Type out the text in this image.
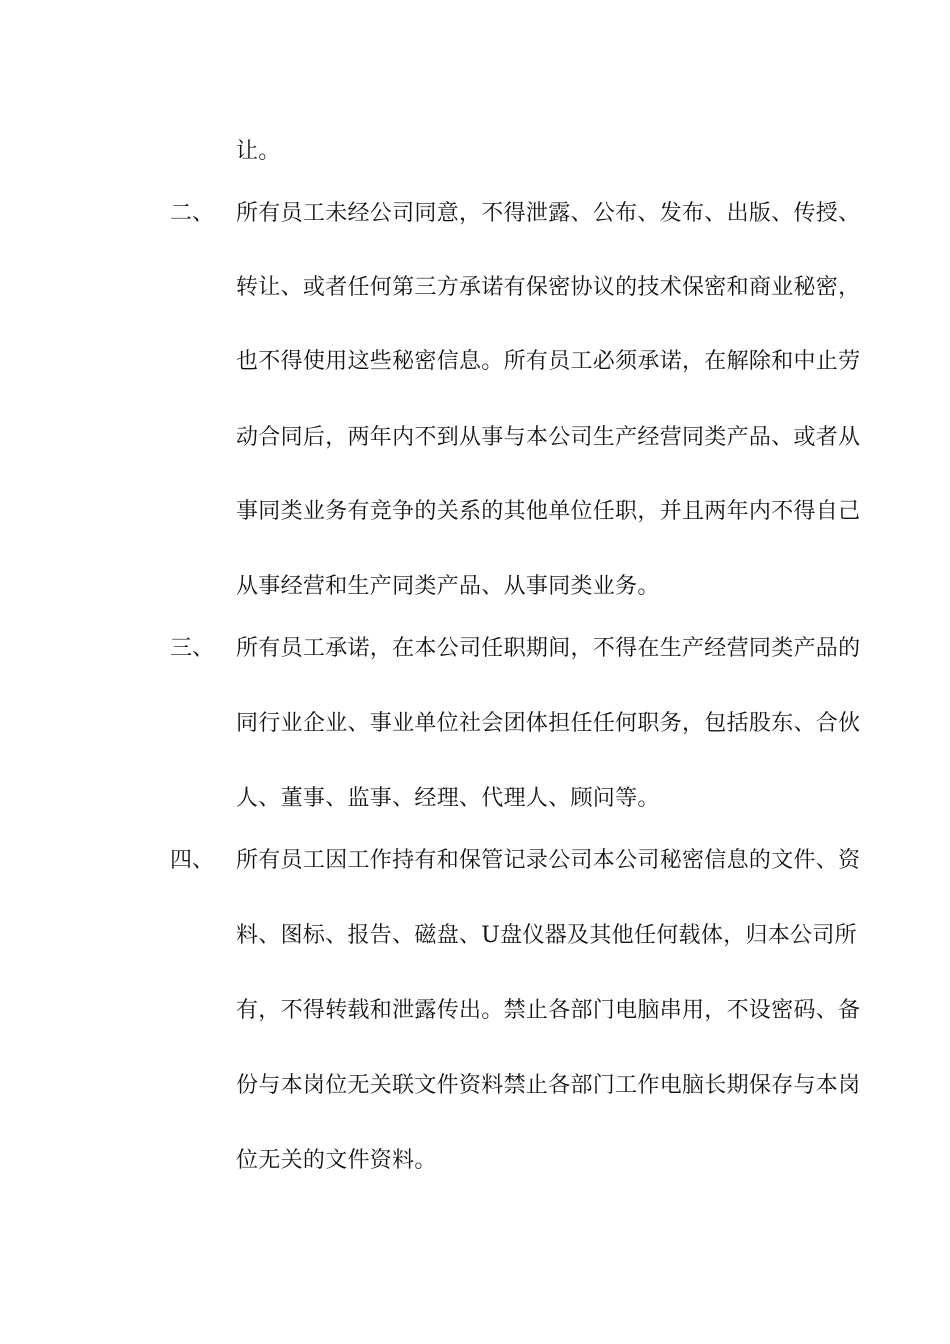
让。
二、 所有员工未经公司同意，不得泄露、公布、发布、出版、传授、
转让、或者任何第三方承诺有保密协议的技术保密和商业秘密，
也不得使用这些秘密信息。所有员工必须承诺，在解除和中止劳
动合同后，两年内不到从事与本公司生产经营同类产品、或者从
事同类业务有竞争的关系的其他单位任职，并且两年内不得自己
从事经营和生产同类产品、从事同类业务。
三、 所有员工承诺，在本公司任职期间，不得在生产经营同类产品的
同行业企业、事业单位社会团体担任任何职务，包括股东、合伙
人、董事、监事、经理、代理人、顾问等。
四、 所有员工因工作持有和保管记录公司本公司秘密信息的文件、资
料、图标、报告、磁盘、U盘仪器及其他任何载体，归本公司所
有，不得转载和泄露传出。禁止各部门电脑串用，不设密码、备
份与本岗位无关联文件资料禁止各部门工作电脑长期保存与本岗
位无关的文件资料。
